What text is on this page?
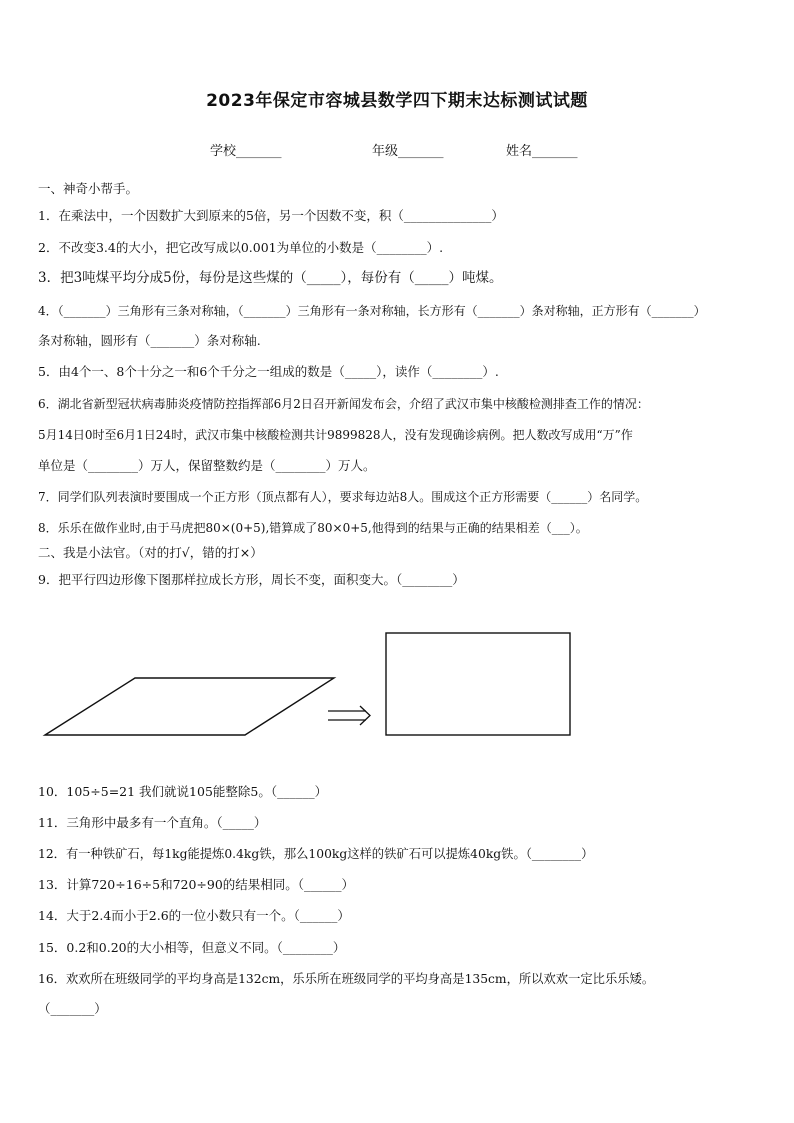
2023年保定市容城县数学四下期末达标测试试题
学校_______	年级_______	姓名_______
一、神奇小帮手。
1．在乘法中，一个因数扩大到原来的5倍，另一个因数不变，积（______________）
2．不改变3.4的大小，把它改写成以0.001为单位的小数是（________）.
3．把3吨煤平均分成5份，每份是这些煤的（_____），每份有（_____）吨煤。
4．（_______）三角形有三条对称轴，（_______）三角形有一条对称轴，长方形有（_______）条对称轴，正方形有（_______）
条对称轴，圆形有（_______）条对称轴.
5．由4个一、8个十分之一和6个千分之一组成的数是（_____），读作（________）.
6．湖北省新型冠状病毒肺炎疫情防控指挥部6月2日召开新闻发布会，介绍了武汉市集中核酸检测排查工作的情况：
5月14日0时至6月1日24时，武汉市集中核酸检测共计9899828人，没有发现确诊病例。把人数改写成用“万”作
单位是（________）万人，保留整数约是（________）万人。
7．同学们队列表演时要围成一个正方形（顶点都有人），要求每边站8人。围成这个正方形需要（______）名同学。
8．乐乐在做作业时,由于马虎把80×(0+5),错算成了80×0+5,他得到的结果与正确的结果相差（___）。
二、我是小法官。（对的打√，错的打×）
9．把平行四边形像下图那样拉成长方形，周长不变，面积变大。（________）
10．105÷5=21 我们就说105能整除5。（______）
11．三角形中最多有一个直角。（_____）
12．有一种铁矿石，每1kg能提炼0.4kg铁，那么100kg这样的铁矿石可以提炼40kg铁。（________）
13．计算720÷16÷5和720÷90的结果相同。（______）
14．大于2.4而小于2.6的一位小数只有一个。（______）
15．0.2和0.20的大小相等，但意义不同。（________）
16．欢欢所在班级同学的平均身高是132cm，乐乐所在班级同学的平均身高是135cm，所以欢欢一定比乐乐矮。
（_______）
